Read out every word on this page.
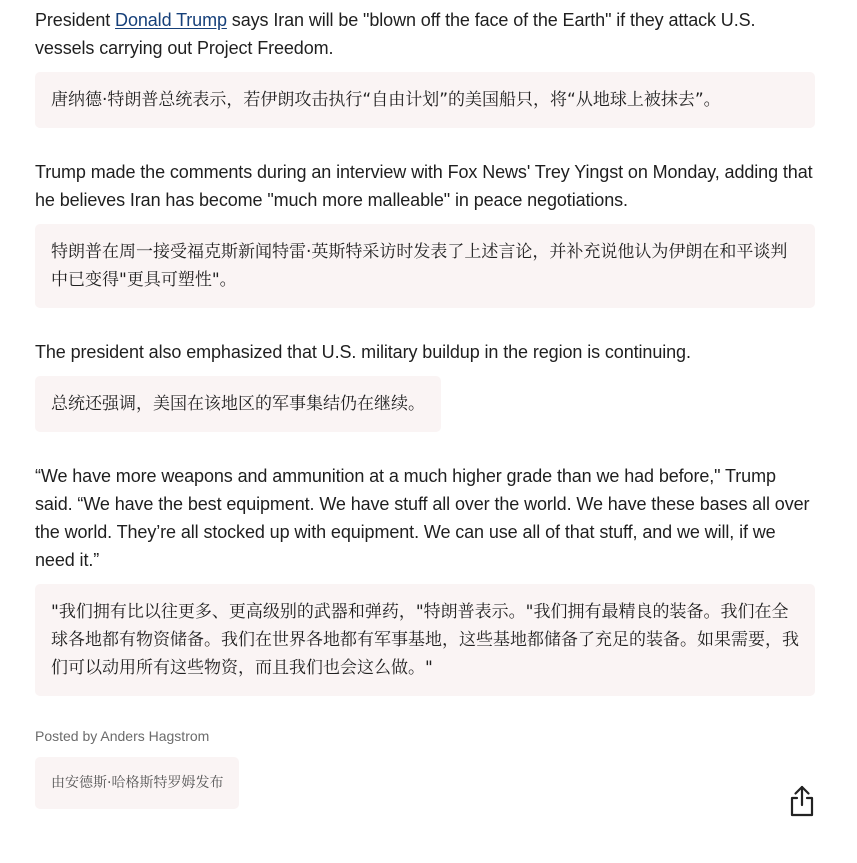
President Donald Trump says Iran will be "blown off the face of the Earth" if they attack U.S. vessels carrying out Project Freedom.

唐纳德·特朗普总统表示，若伊朗攻击执行“自由计划”的美国船只，将“从地球上被抹去”。

Trump made the comments during an interview with Fox News' Trey Yingst on Monday, adding that he believes Iran has become "much more malleable" in peace negotiations.

特朗普在周一接受福克斯新闻特雷·英斯特采访时发表了上述言论，并补充说他认为伊朗在和平谈判中已变得"更具可塑性"。

The president also emphasized that U.S. military buildup in the region is continuing.

总统还强调，美国在该地区的军事集结仍在继续。

“We have more weapons and ammunition at a much higher grade than we had before," Trump said. “We have the best equipment. We have stuff all over the world. We have these bases all over the world. They’re all stocked up with equipment. We can use all of that stuff, and we will, if we need it.”

"我们拥有比以往更多、更高级别的武器和弹药，"特朗普表示。"我们拥有最精良的装备。我们在全球各地都有物资储备。我们在世界各地都有军事基地，这些基地都储备了充足的装备。如果需要，我们可以动用所有这些物资，而且我们也会这么做。"

Posted by Anders Hagstrom

由安德斯·哈格斯特罗姆发布
